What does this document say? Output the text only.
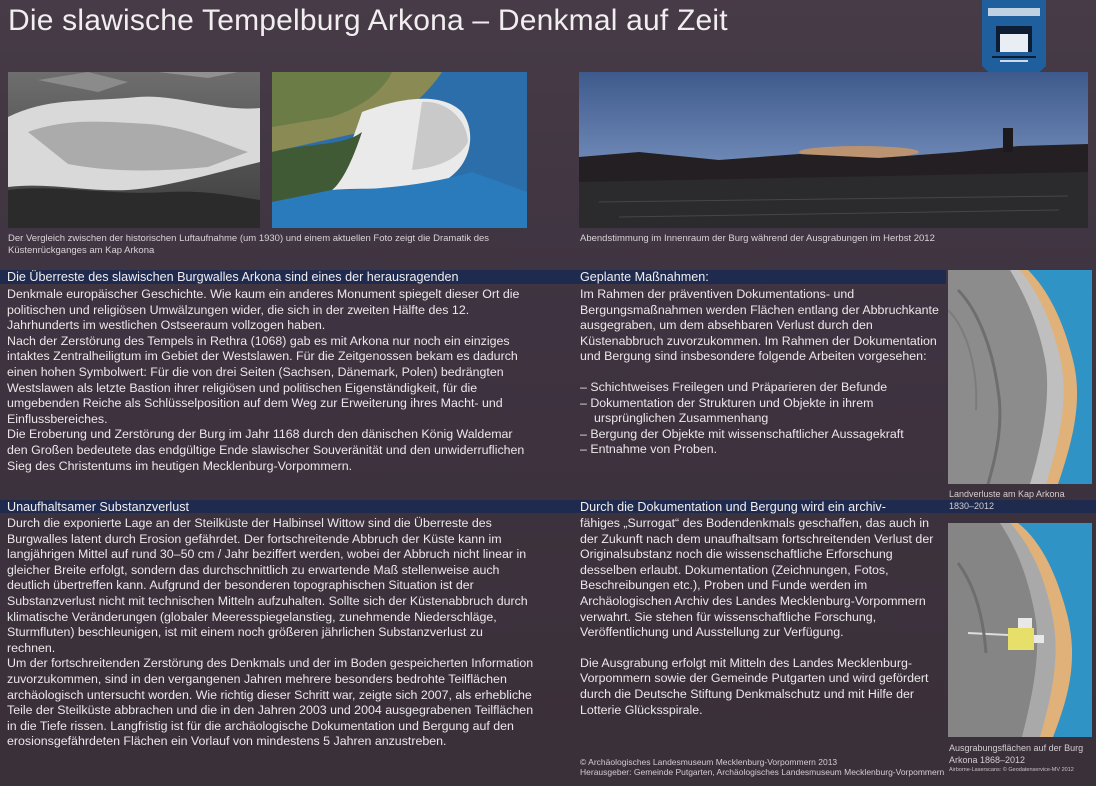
Die slawische Tempelburg Arkona – Denkmal auf Zeit
Der Vergleich zwischen der historischen Luftaufnahme (um 1930) und einem aktuellen Foto zeigt die Dramatik des Küstenrückganges am Kap Arkona
Abendstimmung im Innenraum der Burg während der Ausgrabungen im Herbst 2012
Die Überreste des slawischen Burgwalles Arkona sind eines der herausragenden

Denkmale europäischer Geschichte. Wie kaum ein anderes Monument spiegelt dieser Ort die politischen und religiösen Umwälzungen wider, die sich in der zweiten Hälfte des 12. Jahrhunderts im westlichen Ostseeraum vollzogen haben.

Nach der Zerstörung des Tempels in Rethra (1068) gab es mit Arkona nur noch ein einziges intaktes Zentralheiligtum im Gebiet der Westslawen. Für die Zeitgenossen bekam es dadurch einen hohen Symbolwert: Für die von drei Seiten (Sachsen, Dänemark, Polen) bedrängten Westslawen als letzte Bastion ihrer religiösen und politischen Eigenständigkeit, für die umgebenden Reiche als Schlüsselposition auf dem Weg zur Erweiterung ihres Macht- und Einflussbereiches.

Die Eroberung und Zerstörung der Burg im Jahr 1168 durch den dänischen König Waldemar den Großen bedeutete das endgültige Ende slawischer Souveränität und den unwiderruflichen Sieg des Christentums im heutigen Mecklenburg-Vorpommern.

Unaufhaltsamer Substanzverlust

Durch die exponierte Lage an der Steilküste der Halbinsel Wittow sind die Überreste des Burgwalles latent durch Erosion gefährdet. Der fortschreitende Abbruch der Küste kann im langjährigen Mittel auf rund 30–50 cm / Jahr beziffert werden, wobei der Abbruch nicht linear in gleicher Breite erfolgt, sondern das durchschnittlich zu erwartende Maß stellenweise auch deutlich übertreffen kann. Aufgrund der besonderen topographischen Situation ist der Substanzverlust nicht mit technischen Mitteln aufzuhalten. Sollte sich der Küstenabbruch durch klimatische Veränderungen (globaler Meeresspiegelanstieg, zunehmende Niederschläge, Sturmfluten) beschleunigen, ist mit einem noch größeren jährlichen Substanzverlust zu rechnen.

Um der fortschreitenden Zerstörung des Denkmals und der im Boden gespeicherten Information zuvorzukommen, sind in den vergangenen Jahren mehrere besonders bedrohte Teilflächen archäologisch untersucht worden. Wie richtig dieser Schritt war, zeigte sich 2007, als erhebliche Teile der Steilküste abbrachen und die in den Jahren 2003 und 2004 ausgegrabenen Teilflächen in die Tiefe rissen. Langfristig ist für die archäologische Dokumentation und Bergung auf den erosionsgefährdeten Flächen ein Vorlauf von mindestens 5 Jahren anzustreben.

Geplante Maßnahmen:

Im Rahmen der präventiven Dokumentations- und Bergungsmaßnahmen werden Flächen entlang der Abbruchkante ausgegraben, um dem absehbaren Verlust durch den Küstenabbruch zuvorzukommen. Im Rahmen der Dokumentation und Bergung sind insbesondere folgende Arbeiten vorgesehen:

– Schichtweises Freilegen und Präparieren der Befunde
– Dokumentation der Strukturen und Objekte in ihrem ursprünglichen Zusammenhang
– Bergung der Objekte mit wissenschaftlicher Aussagekraft
– Entnahme von Proben.
Durch die Dokumentation und Bergung wird ein archiv-

fähiges „Surrogat“ des Bodendenkmals geschaffen, das auch in der Zukunft nach dem unaufhaltsam fortschreitenden Verlust der Originalsubstanz noch die wissenschaftliche Erforschung desselben erlaubt. Dokumentation (Zeichnungen, Fotos, Beschreibungen etc.), Proben und Funde werden im Archäologischen Archiv des Landes Mecklenburg-Vorpommern verwahrt. Sie stehen für wissenschaftliche Forschung, Veröffentlichung und Ausstellung zur Verfügung.

Die Ausgrabung erfolgt mit Mitteln des Landes Mecklenburg-Vorpommern sowie der Gemeinde Putgarten und wird gefördert durch die Deutsche Stiftung Denkmalschutz und mit Hilfe der Lotterie Glücksspirale.

© Archäologisches Landesmuseum Mecklenburg-Vorpommern 2013
Herausgeber: Gemeinde Putgarten, Archäologisches Landesmuseum Mecklenburg-Vorpommern
Landverluste am Kap Arkona
1830–2012
Ausgrabungsflächen auf der Burg
Arkona 1868–2012
Airborne-Laserscans: © Geodatenservice-MV 2012
